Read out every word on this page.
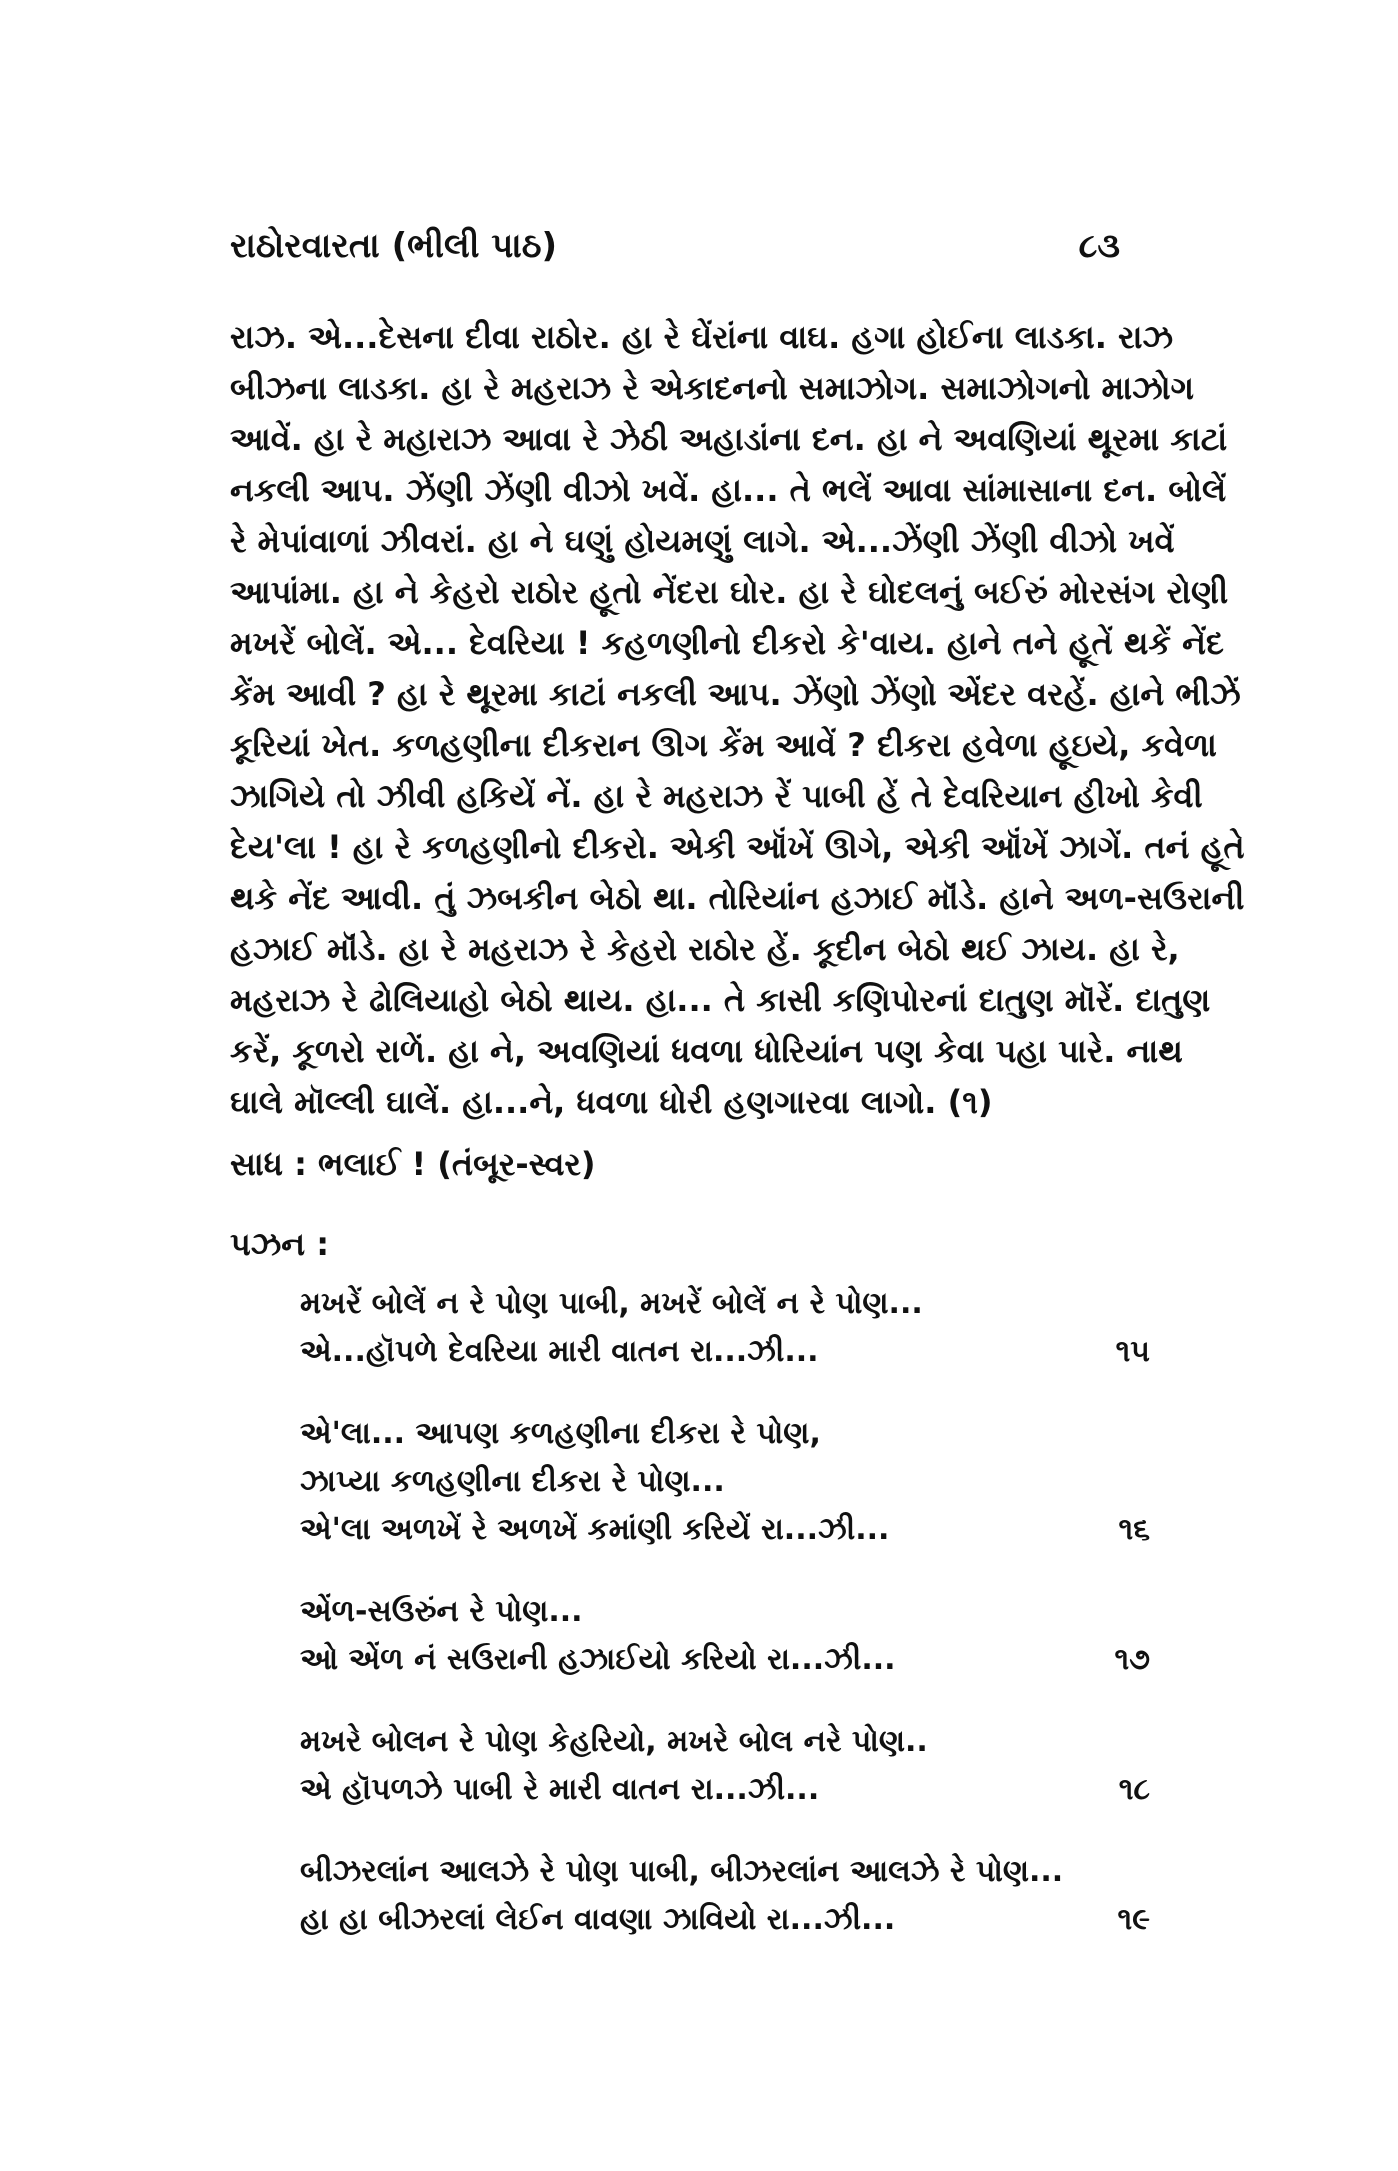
રાઠોરવારતા (ભીલી પાઠ)	૮૩

રાઝ. એ...દેસના દીવા રાઠોર. હા રે ઘેંરાંના વાઘ. હગા હોઈના લાડકા. રાઝ

બીઝના લાડકા. હા રે મહરાઝ રે એકાદનનો સમાઝોગ. સમાઝોગનો માઝોગ

આવેં. હા રે મહારાઝ આવા રે ઝેઠી અહાડાંના દન. હા ને અવણિયાં થૂરમા કાટાં

નકલી આપ. ઝેંણી ઝેંણી વીઝો ખવેં. હા... તે ભલેં આવા સાંમાસાના દન. બોલેં

રે મેપાંવાળાં ઝીવરાં. હા ને ઘણું હોયમણું લાગે. એ...ઝેંણી ઝેંણી વીઝો ખવેં

આપાંમા. હા ને કેહરો રાઠોર હૂતો નેંદરા ઘોર. હા રે ઘોદલનું બઈરું મોરસંગ રોણી

મખરેં બોલેં. એ... દેવરિયા ! કહળણીનો દીકરો કે'વાય. હાને તને હૂતેં થકેં નેંદ

કેંમ આવી ? હા રે થૂરમા કાટાં નકલી આપ. ઝેંણો ઝેંણો એંદર વરહેં. હાને ભીઝેં

કૂરિયાં ખેત. કળહણીના દીકરાન ઊગ કેંમ આવેં ? દીકરા હવેળા હૂઇયે, કવેળા

ઝાગિયે તો ઝીવી હકિયેં નેં. હા રે મહરાઝ રેં પાબી હેં તે દેવરિયાન હીખો કેવી

દેય'લા ! હા રે કળહણીનો દીકરો. એકી ઑંખેં ઊગે, એકી ઑંખેં ઝાગેં. તનં હૂતે

થકે નેંદ આવી. તું ઝબકીન બેઠો થા. તોરિયાંન હઝાઈ મૉંડે. હાને અળ-સઉરાની

હઝાઈ મૉંડે. હા રે મહરાઝ રે કેહરો રાઠોર હેં. કૂદીન બેઠો થઈ ઝાય. હા રે,

મહરાઝ રે ઢોલિયાહો બેઠો થાય. હા... તે કાસી કણિપોરનાં દાતુણ મૉરેં. દાતુણ

કરેં, કૂળરો રાળેં. હા ને, અવણિયાં ધવળા ધોરિયાંન પણ કેવા પહા પારે. નાથ

ઘાલે મૉલ્લી ઘાલેં. હા...ને, ધવળા ધોરી હણગારવા લાગો. (૧)

સાધ : ભલાઈ ! (તંબૂર-સ્વર)
પઝન :
મખરેં બોલેં ન રે પોણ પાબી, મખરેં બોલેં ન રે પોણ...
એ...હૉપળે દેવરિયા મારી વાતન રા...ઝી...	૧૫
એ'લા... આપણ કળહણીના દીકરા રે પોણ,
ઝાપ્યા કળહણીના દીકરા રે પોણ...
એ'લા અળખેં રે અળખેં કમાંણી કરિયેં રા...ઝી...	૧૬
એંળ-સઉરુંન રે પોણ...
ઓ એંળ નં સઉરાની હઝાઈયો કરિયો રા...ઝી...	૧૭
મખરે બોલન રે પોણ કેહરિયો, મખરે બોલ નરે પોણ..
એ હૉપળઝે પાબી રે મારી વાતન રા...ઝી...	૧૮
બીઝરલાંન આલઝે રે પોણ પાબી, બીઝરલાંન આલઝે રે પોણ...
હા હા બીઝરલાં લેઈન વાવણા ઝાવિયો રા...ઝી...	૧૯
